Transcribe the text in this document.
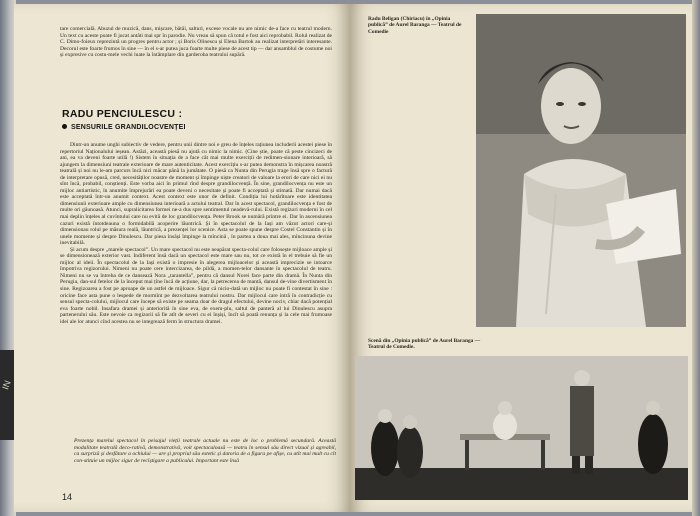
IN

tare comercială. Abuzul de muzică, dans, mișcare, bătăi, salturi, excese vocale nu are nimic de-a face cu teatrul modern. Un text cu aceste poate fi jucat antăti mai spr în parodie. Nu vreau să spun că totul e fost aici reprobabil. Rolul realizat de C. Dimo-foieux reprezintă un progres pentru actor ; și Boris Olinescu și Elena Bartok au realizat interpretări interesante. Decorul este foarte frumos în sine — în el s-ar putea juca foarte multe piese de acest tip — dar ansamblul de costume noi și expresive cu costu-mele vechi luate la întâmplare din garderoba teatrului supără.

RADU PENCIULESCU :
SENSURILE GRANDILOCVENȚEI

Dintr-un anume unghi subiectiv de vedere, pentru unii dintre noi e greu de înțeles rațiunea includerii acestei piese în repertoriul Naționalului ieșean. Astăzi, această piesă nu ajută cu nimic la nimic. (Cine știe, poate că peste cincizeci de ani, ea va deveni foarte utilă !) Sistem în situația de a face cât mai multe exerciții de redimen-sionare interioară, să ajungem la dimensiuni teatrale exterioare de mare autenticitate. Acest exercițiu s-ar putea demonstra în mișcarea noastră teatrală și noi nu le-am parcurs încă nici măcar până la jumătate. O piesă ca Nunta din Perugia trage însă spre o factură de interpretare opusă, cred, necesităților noastre de moment și împinge niște creatori de valoare la erori de care nici ei nu sînt încă, probabil, conștienți. Este vorba aici în primul rînd despre grandilocvență. În sine, grandilocvența nu este un mijloc antiartistic, în anumite împrejurări ea poate deveni o necesitate și poate fi acceptată și stimată. Dar numai dacă este acceptată într-un anumit context. Acest context este unor de definit. Condiția lui hotărîtoare este identitatea dimensiunii exterioare ample cu dimensiunea interioară a actului teatral. Dar în acest spectacol, grandilocvența e fost de multe ori găunoasă. Atunci, supralicitarea formei ne-a dus spre sentimentul neadevă-rului. Există regizori moderni în cel mai deplin înțeles al cuvîntului care nu evită de loc grandilocvența. Peter Brook se numără printre ei. Dar în ascensiunea cazuri există întotdeauna o formidabilă acoperire lăuntrică. Și în spectacolul de la Iași am văzut actori care-și dimensionau rolul pe măsura reală, lăuntrică, a prezenței lor scenice. Asta se poate spune despre Costel Constantin și în unele momente și despre Dinulescu. Dar piesa însăși împinge la mîncină , în partea a doua mai ales, mîncinuna devine inevitabilă.

Și acum despre „marele spectacol”. Un mare spectacol nu este neapărat specta-colul care folosește mijloace ample și se dimensionează exterior vast. Indiferent însă dacă un spectacol este mare sau nu, tot ce există în el trebuie să fie un mijloc al ideii. În spectacolul de la Iași există o impresie în alegerea mijloacelor și această imprecizie se intoarce împotriva regizorului. Nimeni nu poate cere intercizarea, de pildă, a momen-telor dansante în spectacolul de teatru. Nimeni nu se va întreba de ce dansează Nora „tarantella”, pentru că dansul Norei face parte din dramă. În Nunta din Perugia, dan-sul fetelor de la început mai țîne încă de acțiune, dar, la petrecerea de mantă, dansul de-vine divertisment în sine. Regizoarea a fost pe aproape de un astfel de mijloace. Sigur că nicio-dată un mijloc nu poate fi contestat în sine : oricine face asta pune o lespede de mormînt pe dezvoltarea teatrului nostru. Dar mijlocul care intră în contradicție cu sensul specta-colului, mijlocul care începe să existe pe seama doar de dragul efectului, devine nociv, chiar dacă potențial eva foarte nobil. Insafara dramei și anteriorită în sine eva, de exem-plu, saltul de panteră al lui Dinulescu asupra partenerului său. Este nevoie ca regizorii să fie atît de severi cu ei înșiși, încît să poată renunța și la cele mai frumoase idei ale lor atunci cînd acestea nu se integrează ferm în structura dramei.

Prezența marelui spectacol în peisajul vieții teatrale actuale nu este de loc o problemă secundară. Această modalitate teatrală deco-rativă, demonstrativă, voit spectaculoasă — teatru în sensul său direct vizual și agreabil, ca surpriză și desfătare a ochiului — are și propriul său estetic și datoria de a figura pe afișe, cu atît mai mult cu cît con-stituie un mijloc sigur de recîștigare a publicului. Important este însă
14
Radu Beligan (Chiriacu) în „Opinia publică” de Aurel Baranga — Teatrul de Comedie
Scenă din „Opinia publică” de Aurel Baranga — Teatrul de Comedie.
